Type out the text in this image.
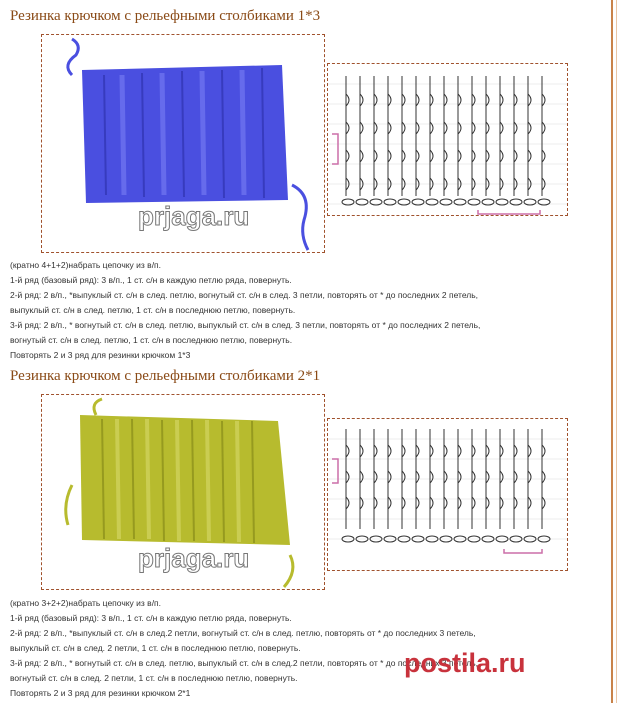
Резинка крючком с рельефными столбиками 1*3
prjaga.ru
(кратно 4+1+2)набрать цепочку из в/п.
1-й ряд (базовый ряд): 3 в/п., 1 ст. с/н в каждую петлю ряда, повернуть.
2-й ряд: 2 в/п., *выпуклый ст. с/н в след. петлю, вогнутый ст. с/н в след. 3 петли, повторять от * до последних 2 петель,
выпуклый ст. с/н в след. петлю, 1 ст. с/н в последнюю петлю, повернуть.
3-й ряд: 2 в/п., * вогнутый ст. с/н в след. петлю, выпуклый ст. с/н в след. 3 петли, повторять от * до последних 2 петель,
вогнутый ст. с/н в след. петлю, 1 ст. с/н в последнюю петлю, повернуть.
Повторять 2 и 3 ряд для резинки крючком 1*3
Резинка крючком с рельефными столбиками 2*1
prjaga.ru
(кратно 3+2+2)набрать цепочку из в/п.
1-й ряд (базовый ряд): 3 в/п., 1 ст. с/н в каждую петлю ряда, повернуть.
2-й ряд: 2 в/п., *выпуклый ст. с/н в след.2 петли, вогнутый ст. с/н в след. петлю, повторять от * до последних 3 петель,
выпуклый ст. с/н в след. 2 петли, 1 ст. с/н в последнюю петлю, повернуть.
3-й ряд: 2 в/п., * вогнутый ст. с/н в след. петлю, выпуклый ст. с/н в след.2 петли, повторять от * до последних 3 петель,
вогнутый ст. с/н в след. 2 петли, 1 ст. с/н в последнюю петлю, повернуть.
Повторять 2 и 3 ряд для резинки крючком 2*1
postila.ru
